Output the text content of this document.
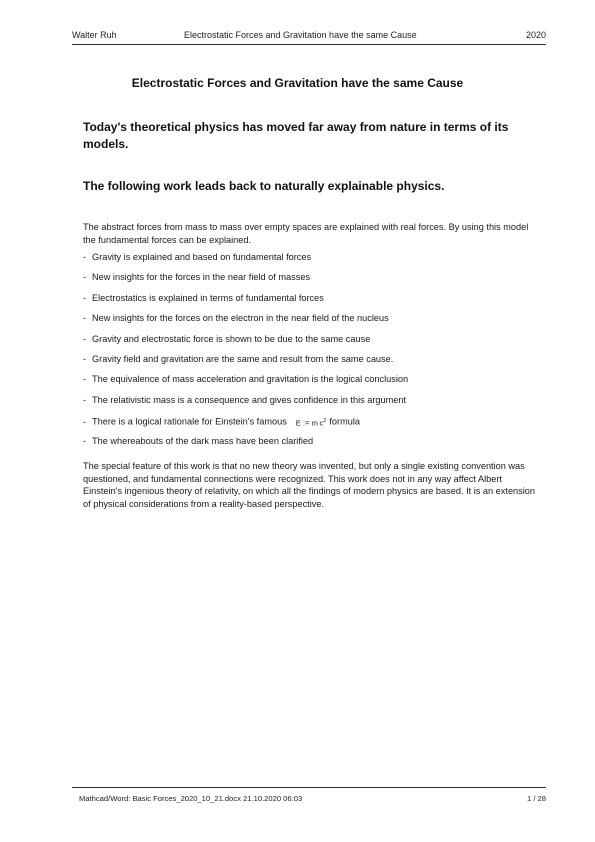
Walter Ruh	Electrostatic Forces and Gravitation have the same Cause	2020
Electrostatic Forces and Gravitation have the same Cause

Today's theoretical physics has moved far away from nature in terms of its models.

The following work leads back to naturally explainable physics.

The abstract forces from mass to mass over empty spaces are explained with real forces. By using this model the fundamental forces can be explained.

- Gravity is explained and based on fundamental forces
- New insights for the forces in the near field of masses
- Electrostatics is explained in terms of fundamental forces
- New insights for the forces on the electron in the near field of the nucleus
- Gravity and electrostatic force is shown to be due to the same cause
- Gravity field and gravitation are the same and result from the same cause.
- The equivalence of mass acceleration and gravitation is the logical conclusion
- The relativistic mass is a consequence and gives confidence in this argument
- There is a logical rationale for Einstein's famous E := m  $c^2$ formula
- The whereabouts of the dark mass have been clarified

The special feature of this work is that no new theory was invented, but only a single existing convention was questioned, and fundamental connections were recognized. This work does not in any way affect Albert Einstein's ingenious theory of relativity, on which all the findings of modern physics are based. It is an extension of physical considerations from a reality-based perspective.

Mathcad/Word: Basic Forces_2020_10_21.docx 21.10.2020 06:03	1 / 28
